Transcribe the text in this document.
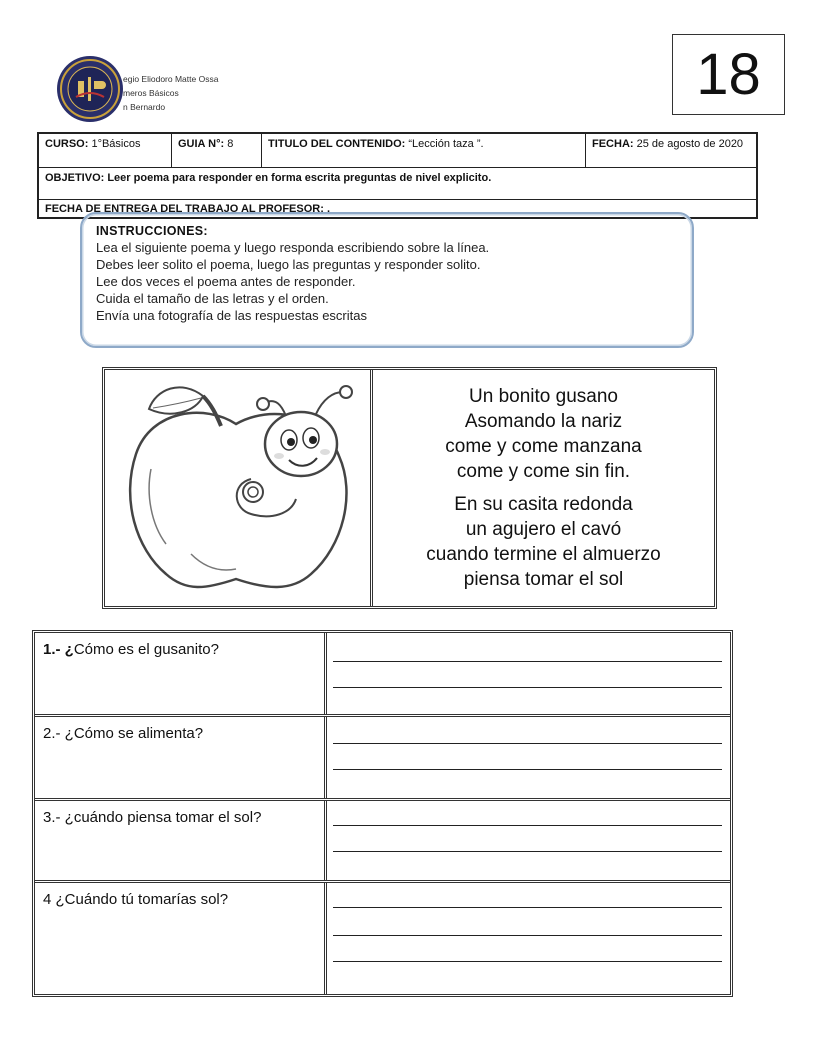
egio Eliodoro Matte Ossa
meros Básicos
n Bernardo	18
CURSO: 1°Básicos	GUIA N°: 8	TITULO DEL CONTENIDO: “Lección taza ”.	FECHA: 25 de agosto de 2020
OBJETIVO: Leer poema para responder en forma escrita preguntas de nivel explicito.
FECHA DE ENTREGA DEL TRABAJO AL PROFESOR: .
INSTRUCCIONES:
Lea el siguiente poema y luego responda escribiendo sobre la línea.
Debes leer solito el poema, luego las preguntas y responder solito.
Lee dos veces el poema antes de responder.
Cuida el tamaño de las letras y el orden.
Envía una fotografía de las respuestas escritas
Un bonito gusano
Asomando la nariz
come y come manzana
come y come sin fin.
En su casita redonda
un agujero el cavó
cuando termine el almuerzo
piensa tomar el sol
1.- ¿Cómo es el gusanito?
2.- ¿Cómo se alimenta?
3.- ¿cuándo piensa tomar el sol?
4 ¿Cuándo tú tomarías sol?
